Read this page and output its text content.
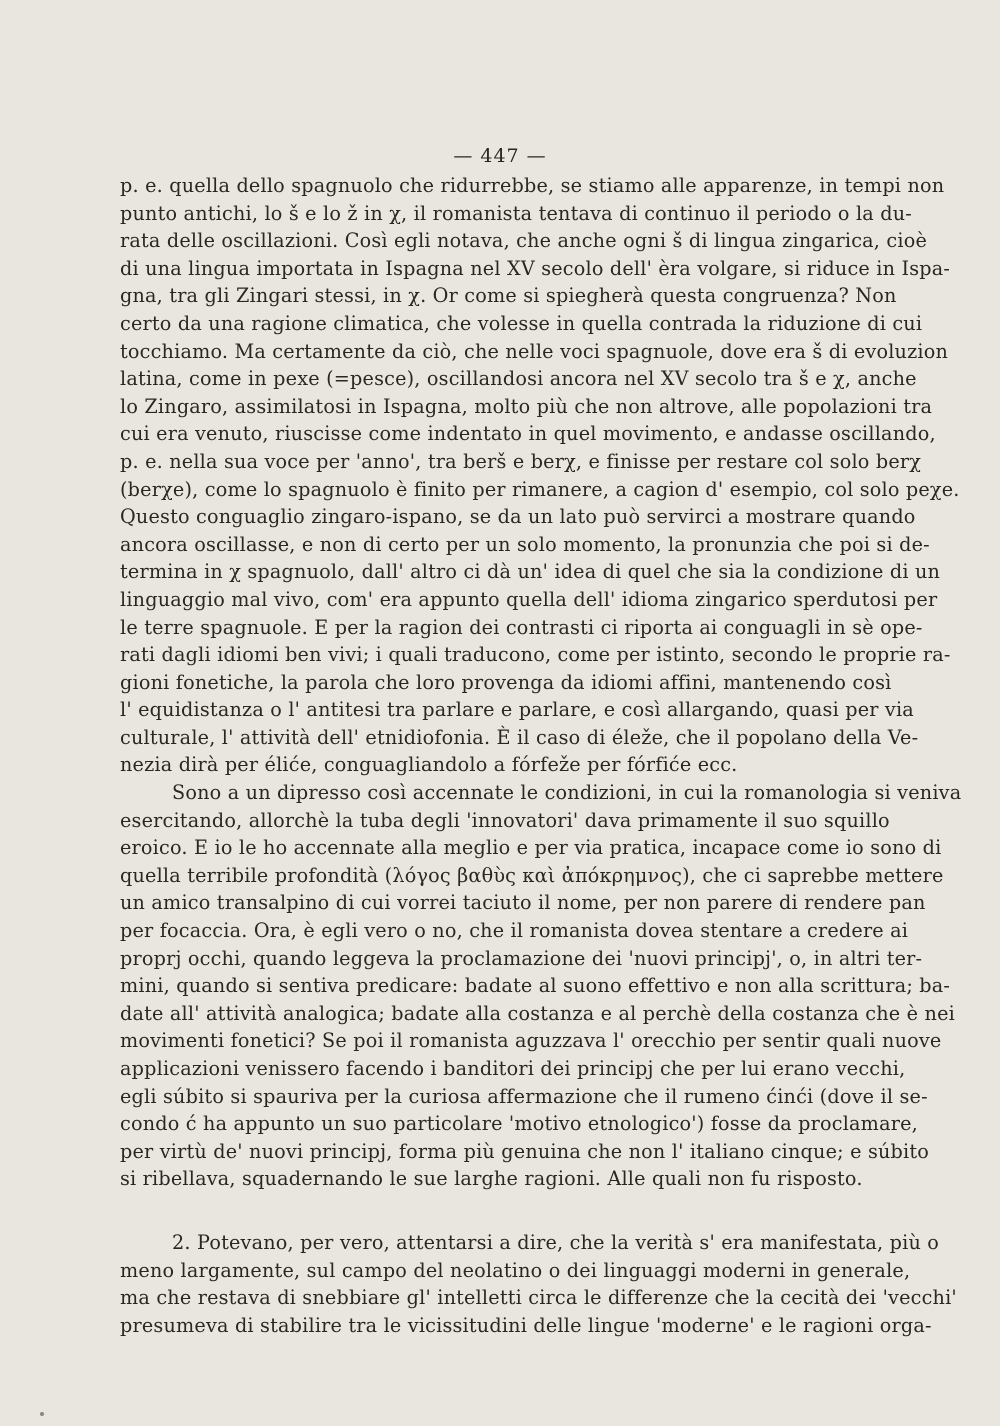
— 447 —
p. e. quella dello spagnuolo che ridurrebbe, se stiamo alle apparenze, in tempi non
punto antichi, lo š e lo ž in χ, il romanista tentava di continuo il periodo o la du-
rata delle oscillazioni. Così egli notava, che anche ogni š di lingua zingarica, cioè
di una lingua importata in Ispagna nel XV secolo dell' èra volgare, si riduce in Ispa-
gna, tra gli Zingari stessi, in χ. Or come si spiegherà questa congruenza? Non
certo da una ragione climatica, che volesse in quella contrada la riduzione di cui
tocchiamo. Ma certamente da ciò, che nelle voci spagnuole, dove era š di evoluzion
latina, come in pexe (=pesce), oscillandosi ancora nel XV secolo tra š e χ, anche
lo Zingaro, assimilatosi in Ispagna, molto più che non altrove, alle popolazioni tra
cui era venuto, riuscisse come indentato in quel movimento, e andasse oscillando,
p. e. nella sua voce per 'anno', tra berš e berχ, e finisse per restare col solo berχ
(berχe), come lo spagnuolo è finito per rimanere, a cagion d' esempio, col solo peχe.
Questo conguaglio zingaro-ispano, se da un lato può servirci a mostrare quando
ancora oscillasse, e non di certo per un solo momento, la pronunzia che poi si de-
termina in χ spagnuolo, dall' altro ci dà un' idea di quel che sia la condizione di un
linguaggio mal vivo, com' era appunto quella dell' idioma zingarico sperdutosi per
le terre spagnuole. E per la ragion dei contrasti ci riporta ai conguagli in sè ope-
rati dagli idiomi ben vivi; i quali traducono, come per istinto, secondo le proprie ra-
gioni fonetiche, la parola che loro provenga da idiomi affini, mantenendo così
l' equidistanza o l' antitesi tra parlare e parlare, e così allargando, quasi per via
culturale, l' attività dell' etnidiofonia. È il caso di éleže, che il popolano della Ve-
nezia dirà per éliće, conguagliandolo a fórfeže per fórfiće ecc.
Sono a un dipresso così accennate le condizioni, in cui la romanologia si veniva
esercitando, allorchè la tuba degli 'innovatori' dava primamente il suo squillo
eroico. E io le ho accennate alla meglio e per via pratica, incapace come io sono di
quella terribile profondità (λόγος βαθὺς καὶ ἀπόκρημνος), che ci saprebbe mettere
un amico transalpino di cui vorrei taciuto il nome, per non parere di rendere pan
per focaccia. Ora, è egli vero o no, che il romanista dovea stentare a credere ai
proprj occhi, quando leggeva la proclamazione dei 'nuovi principj', o, in altri ter-
mini, quando si sentiva predicare: badate al suono effettivo e non alla scrittura; ba-
date all' attività analogica; badate alla costanza e al perchè della costanza che è nei
movimenti fonetici? Se poi il romanista aguzzava l' orecchio per sentir quali nuove
applicazioni venissero facendo i banditori dei principj che per lui erano vecchi,
egli súbito si spauriva per la curiosa affermazione che il rumeno ćinći (dove il se-
condo ć ha appunto un suo particolare 'motivo etnologico') fosse da proclamare,
per virtù de' nuovi principj, forma più genuina che non l' italiano cinque; e súbito
si ribellava, squadernando le sue larghe ragioni. Alle quali non fu risposto.
2. Potevano, per vero, attentarsi a dire, che la verità s' era manifestata, più o
meno largamente, sul campo del neolatino o dei linguaggi moderni in generale,
ma che restava di snebbiare gl' intelletti circa le differenze che la cecità dei 'vecchi'
presumeva di stabilire tra le vicissitudini delle lingue 'moderne' e le ragioni orga-
